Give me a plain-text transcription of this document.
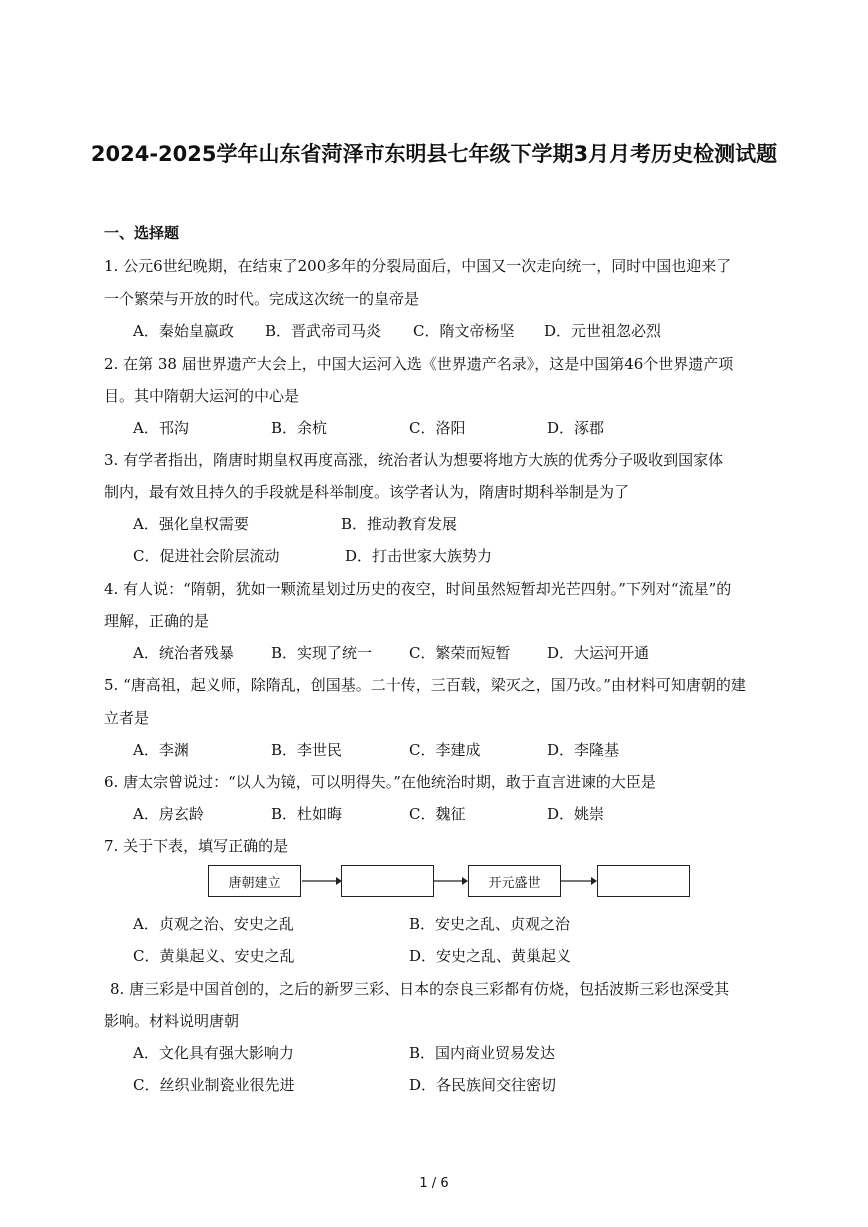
2024-2025学年山东省菏泽市东明县七年级下学期3月月考历史检测试题
一、选择题
1. 公元6世纪晚期，在结束了200多年的分裂局面后，中国又一次走向统一，同时中国也迎来了
一个繁荣与开放的时代。完成这次统一的皇帝是
A．秦始皇嬴政 B．晋武帝司马炎 C．隋文帝杨坚 D．元世祖忽必烈
2. 在第 38 届世界遗产大会上，中国大运河入选《世界遗产名录》，这是中国第46个世界遗产项
目。其中隋朝大运河的中心是
A．邗沟	B．余杭	C．洛阳	D．涿郡
3. 有学者指出，隋唐时期皇权再度高涨，统治者认为想要将地方大族的优秀分子吸收到国家体
制内，最有效且持久的手段就是科举制度。该学者认为，隋唐时期科举制是为了
A．强化皇权需要	B．推动教育发展
C．促进社会阶层流动	D．打击世家大族势力
4. 有人说：“隋朝，犹如一颗流星划过历史的夜空，时间虽然短暂却光芒四射。”下列对“流星”的
理解，正确的是
A．统治者残暴 B．实现了统一 C．繁荣而短暂 D．大运河开通
5. “唐高祖，起义师，除隋乱，创国基。二十传，三百载，梁灭之，国乃改。”由材料可知唐朝的建
立者是
A．李渊	B．李世民	C．李建成	D．李隆基
6. 唐太宗曾说过：“以人为镜，可以明得失。”在他统治时期，敢于直言进谏的大臣是
A．房玄龄	B．杜如晦	C．魏征	D．姚崇
7. 关于下表，填写正确的是
唐朝建立	开元盛世
A．贞观之治、安史之乱	B．安史之乱、贞观之治
C．黄巢起义、安史之乱	D．安史之乱、黄巢起义
8. 唐三彩是中国首创的，之后的新罗三彩、日本的奈良三彩都有仿烧，包括波斯三彩也深受其
影响。材料说明唐朝
A．文化具有强大影响力	B．国内商业贸易发达
C．丝织业制瓷业很先进	D．各民族间交往密切
1 / 6
